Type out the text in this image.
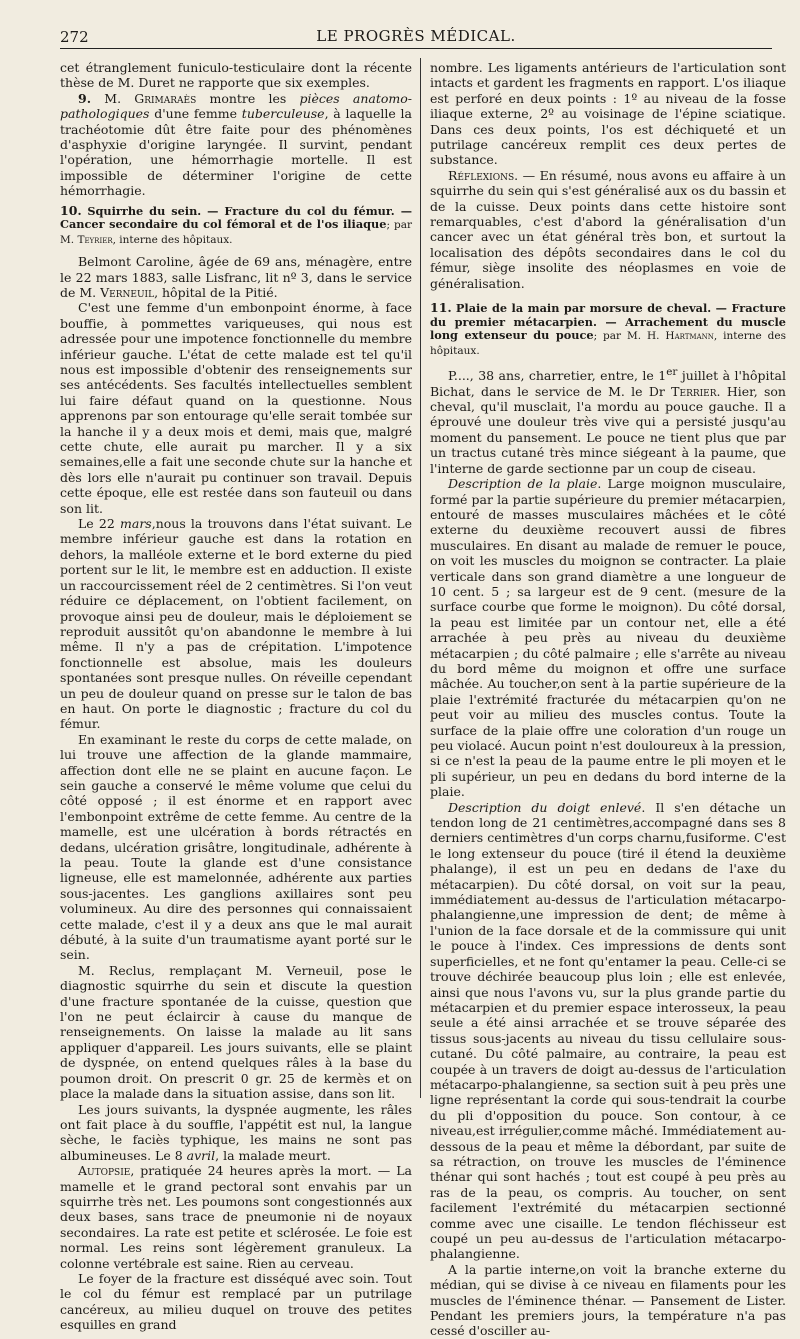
272	LE PROGRÈS MÉDICAL.

cet étranglement funiculo-testiculaire dont la récente thèse de M. Duret ne rapporte que six exemples.

9. M. Grimaraès montre les pièces anatomo-pathologiques d'une femme tuberculeuse, à laquelle la trachéotomie dût être faite pour des phénomènes d'asphyxie d'origine laryngée. Il survint, pendant l'opération, une hémorrhagie mortelle. Il est impossible de déterminer l'origine de cette hémorrhagie.

10. Squirrhe du sein. — Fracture du col du fémur. — Cancer secondaire du col fémoral et de l'os iliaque; par M. Teyrier, interne des hôpitaux.

Belmont Caroline, âgée de 69 ans, ménagère, entre le 22 mars 1883, salle Lisfranc, lit nº 3, dans le service de M. Verneuil, hôpital de la Pitié.

C'est une femme d'un embonpoint énorme, à face bouffie, à pommettes variqueuses, qui nous est adressée pour une impotence fonctionnelle du membre inférieur gauche. L'état de cette malade est tel qu'il nous est impossible d'obtenir des renseignements sur ses antécédents. Ses facultés intellectuelles semblent lui faire défaut quand on la questionne. Nous apprenons par son entourage qu'elle serait tombée sur la hanche il y a deux mois et demi, mais que, malgré cette chute, elle aurait pu marcher. Il y a six semaines,elle a fait une seconde chute sur la hanche et dès lors elle n'aurait pu continuer son travail. Depuis cette époque, elle est restée dans son fauteuil ou dans son lit.

Le 22 mars,nous la trouvons dans l'état suivant. Le membre inférieur gauche est dans la rotation en dehors, la malléole externe et le bord externe du pied portent sur le lit, le membre est en adduction. Il existe un raccourcissement réel de 2 centimètres. Si l'on veut réduire ce déplacement, on l'obtient facilement, on provoque ainsi peu de douleur, mais le déploiement se reproduit aussitôt qu'on abandonne le membre à lui même. Il n'y a pas de crépitation. L'impotence fonctionnelle est absolue, mais les douleurs spontanées sont presque nulles. On réveille cependant un peu de douleur quand on presse sur le talon de bas en haut. On porte le diagnostic ; fracture du col du fémur.

En examinant le reste du corps de cette malade, on lui trouve une affection de la glande mammaire, affection dont elle ne se plaint en aucune façon. Le sein gauche a conservé le même volume que celui du côté opposé ; il est énorme et en rapport avec l'embonpoint extrême de cette femme. Au centre de la mamelle, est une ulcération à bords rétractés en dedans, ulcération grisâtre, longitudinale, adhérente à la peau. Toute la glande est d'une consistance ligneuse, elle est mamelonnée, adhérente aux parties sous-jacentes. Les ganglions axillaires sont peu volumineux. Au dire des personnes qui connaissaient cette malade, c'est il y a deux ans que le mal aurait débuté, à la suite d'un traumatisme ayant porté sur le sein.

M. Reclus, remplaçant M. Verneuil, pose le diagnostic squirrhe du sein et discute la question d'une fracture spontanée de la cuisse, question que l'on ne peut éclaircir à cause du manque de renseignements. On laisse la malade au lit sans appliquer d'appareil. Les jours suivants, elle se plaint de dyspnée, on entend quelques râles à la base du poumon droit. On prescrit 0 gr. 25 de kermès et on place la malade dans la situation assise, dans son lit.

Les jours suivants, la dyspnée augmente, les râles ont fait place à du souffle, l'appétit est nul, la langue sèche, le faciès typhique, les mains ne sont pas albumineuses. Le 8 avril, la malade meurt.

Autopsie, pratiquée 24 heures après la mort. — La mamelle et le grand pectoral sont envahis par un squirrhe très net. Les poumons sont congestionnés aux deux bases, sans trace de pneumonie ni de noyaux secondaires. La rate est petite et sclérosée. Le foie est normal. Les reins sont légèrement granuleux. La colonne vertébrale est saine. Rien au cerveau.

Le foyer de la fracture est disséqué avec soin. Tout le col du fémur est remplacé par un putrilage cancéreux, au milieu duquel on trouve des petites esquilles en grand

nombre. Les ligaments antérieurs de l'articulation sont intacts et gardent les fragments en rapport. L'os iliaque est perforé en deux points : 1º au niveau de la fosse iliaque externe, 2º au voisinage de l'épine sciatique. Dans ces deux points, l'os est déchiqueté et un putrilage cancéreux remplit ces deux pertes de substance.

Réflexions. — En résumé, nous avons eu affaire à un squirrhe du sein qui s'est généralisé aux os du bassin et de la cuisse. Deux points dans cette histoire sont remarquables, c'est d'abord la généralisation d'un cancer avec un état général très bon, et surtout la localisation des dépôts secondaires dans le col du fémur, siège insolite des néoplasmes en voie de généralisation.

11. Plaie de la main par morsure de cheval. — Fracture du premier métacarpien. — Arrachement du muscle long extenseur du pouce; par M. H. Hartmann, interne des hôpitaux.

P...., 38 ans, charretier, entre, le 1er juillet à l'hôpital Bichat, dans le service de M. le Dr Terrier. Hier, son cheval, qu'il musclait, l'a mordu au pouce gauche. Il a éprouvé une douleur très vive qui a persisté jusqu'au moment du pansement. Le pouce ne tient plus que par un tractus cutané très mince siégeant à la paume, que l'interne de garde sectionne par un coup de ciseau.

Description de la plaie. Large moignon musculaire, formé par la partie supérieure du premier métacarpien, entouré de masses musculaires mâchées et le côté externe du deuxième recouvert aussi de fibres musculaires. En disant au malade de remuer le pouce, on voit les muscles du moignon se contracter. La plaie verticale dans son grand diamètre a une longueur de 10 cent. 5 ; sa largeur est de 9 cent. (mesure de la surface courbe que forme le moignon). Du côté dorsal, la peau est limitée par un contour net, elle a été arrachée à peu près au niveau du deuxième métacarpien ; du côté palmaire ; elle s'arrête au niveau du bord même du moignon et offre une surface mâchée. Au toucher,on sent à la partie supérieure de la plaie l'extrémité fracturée du métacarpien qu'on ne peut voir au milieu des muscles contus. Toute la surface de la plaie offre une coloration d'un rouge un peu violacé. Aucun point n'est douloureux à la pression, si ce n'est la peau de la paume entre le pli moyen et le pli supérieur, un peu en dedans du bord interne de la plaie.

Description du doigt enlevé. Il s'en détache un tendon long de 21 centimètres,accompagné dans ses 8 derniers centimètres d'un corps charnu,fusiforme. C'est le long extenseur du pouce (tiré il étend la deuxième phalange), il est un peu en dedans de l'axe du métacarpien). Du côté dorsal, on voit sur la peau, immédiatement au-dessus de l'articulation métacarpo-phalangienne,une impression de dent; de même à l'union de la face dorsale et de la commissure qui unit le pouce à l'index. Ces impressions de dents sont superficielles, et ne font qu'entamer la peau. Celle-ci se trouve déchirée beaucoup plus loin ; elle est enlevée, ainsi que nous l'avons vu, sur la plus grande partie du métacarpien et du premier espace interosseux, la peau seule a été ainsi arrachée et se trouve séparée des tissus sous-jacents au niveau du tissu cellulaire sous-cutané. Du côté palmaire, au contraire, la peau est coupée à un travers de doigt au-dessus de l'articulation métacarpo-phalangienne, sa section suit à peu près une ligne représentant la corde qui sous-tendrait la courbe du pli d'opposition du pouce. Son contour, à ce niveau,est irrégulier,comme mâché. Immédiatement au-dessous de la peau et même la débordant, par suite de sa rétraction, on trouve les muscles de l'éminence thénar qui sont hachés ; tout est coupé à peu près au ras de la peau, os compris. Au toucher, on sent facilement l'extrémité du métacarpien sectionné comme avec une cisaille. Le tendon fléchisseur est coupé un peu au-dessus de l'articulation métacarpo-phalangienne.

A la partie interne,on voit la branche externe du médian, qui se divise à ce niveau en filaments pour les muscles de l'éminence thénar. — Pansement de Lister. Pendant les premiers jours, la température n'a pas cessé d'osciller au-
